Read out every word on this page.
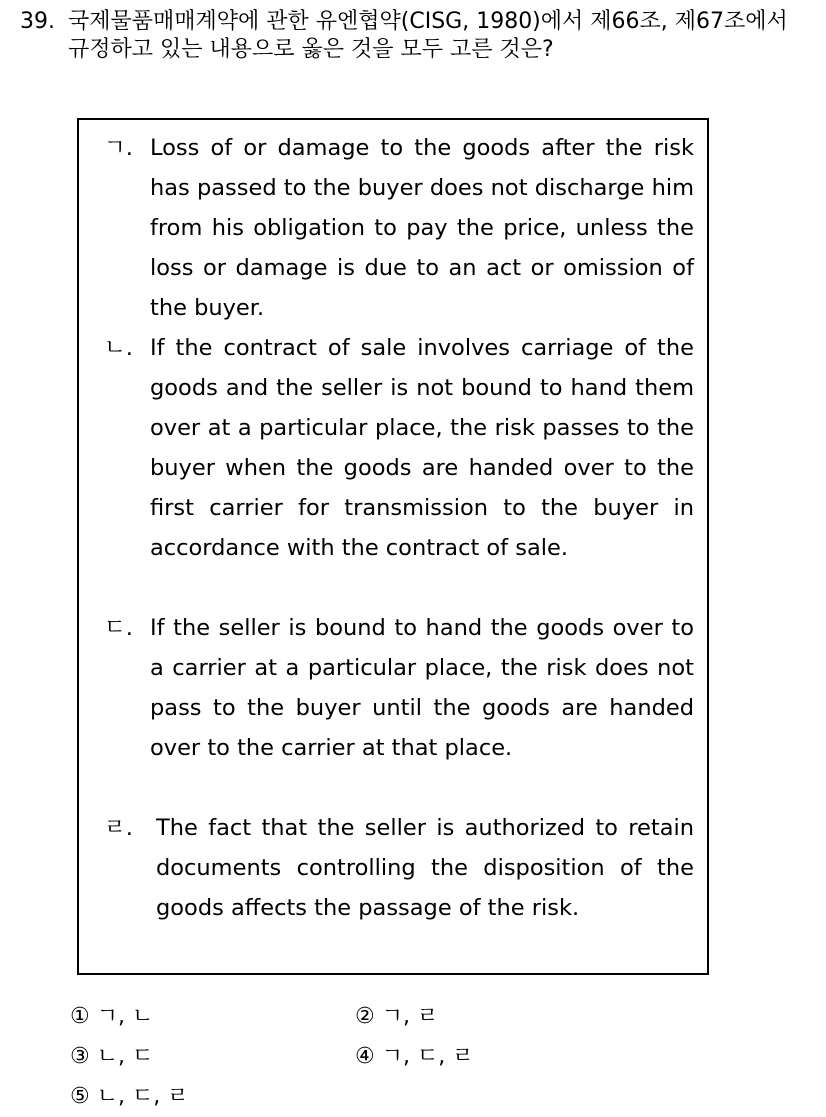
39. 국제물품매매계약에 관한 유엔협약(CISG, 1980)에서 제66조, 제67조에서 규정하고 있는 내용으로 옳은 것을 모두 고른 것은?

ㄱ. Loss of or damage to the goods after the risk has passed to the buyer does not discharge him from his obligation to pay the price, unless the loss or damage is due to an act or omission of the buyer.

ㄴ. If the contract of sale involves carriage of the goods and the seller is not bound to hand them over at a particular place, the risk passes to the buyer when the goods are handed over to the first carrier for transmission to the buyer in accordance with the contract of sale.

ㄷ. If the seller is bound to hand the goods over to a carrier at a particular place, the risk does not pass to the buyer until the goods are handed over to the carrier at that place.

ㄹ. The fact that the seller is authorized to retain documents controlling the disposition of the goods affects the passage of the risk.

① ㄱ, ㄴ	② ㄱ, ㄹ
③ ㄴ, ㄷ	④ ㄱ, ㄷ, ㄹ
⑤ ㄴ, ㄷ, ㄹ
